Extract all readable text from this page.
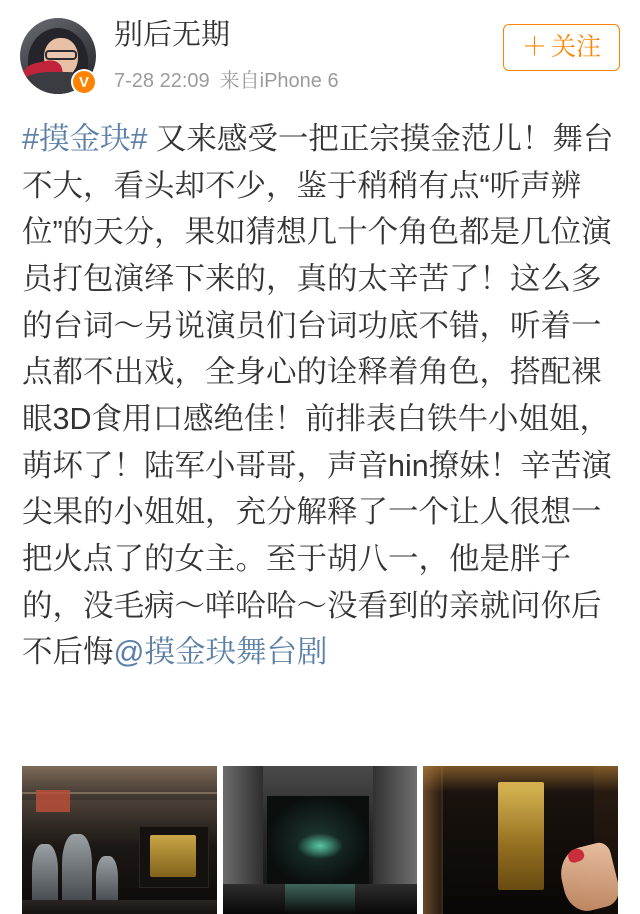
V
别后无期
7-28 22:09 来自iPhone 6
＋ 关注
#摸金玦# 又来感受一把正宗摸金范儿！舞台不大，看头却不少，鉴于稍稍有点“听声辨位”的天分，果如猜想几十个角色都是几位演员打包演绎下来的，真的太辛苦了！这么多的台词～另说演员们台词功底不错，听着一点都不出戏，全身心的诠释着角色，搭配裸眼3D食用口感绝佳！前排表白铁牛小姐姐，萌坏了！陆军小哥哥，声音hin撩妹！辛苦演尖果的小姐姐，充分解释了一个让人很想一把火点了的女主。至于胡八一，他是胖子的，没毛病～咩哈哈～没看到的亲就问你后不后悔@摸金玦舞台剧
